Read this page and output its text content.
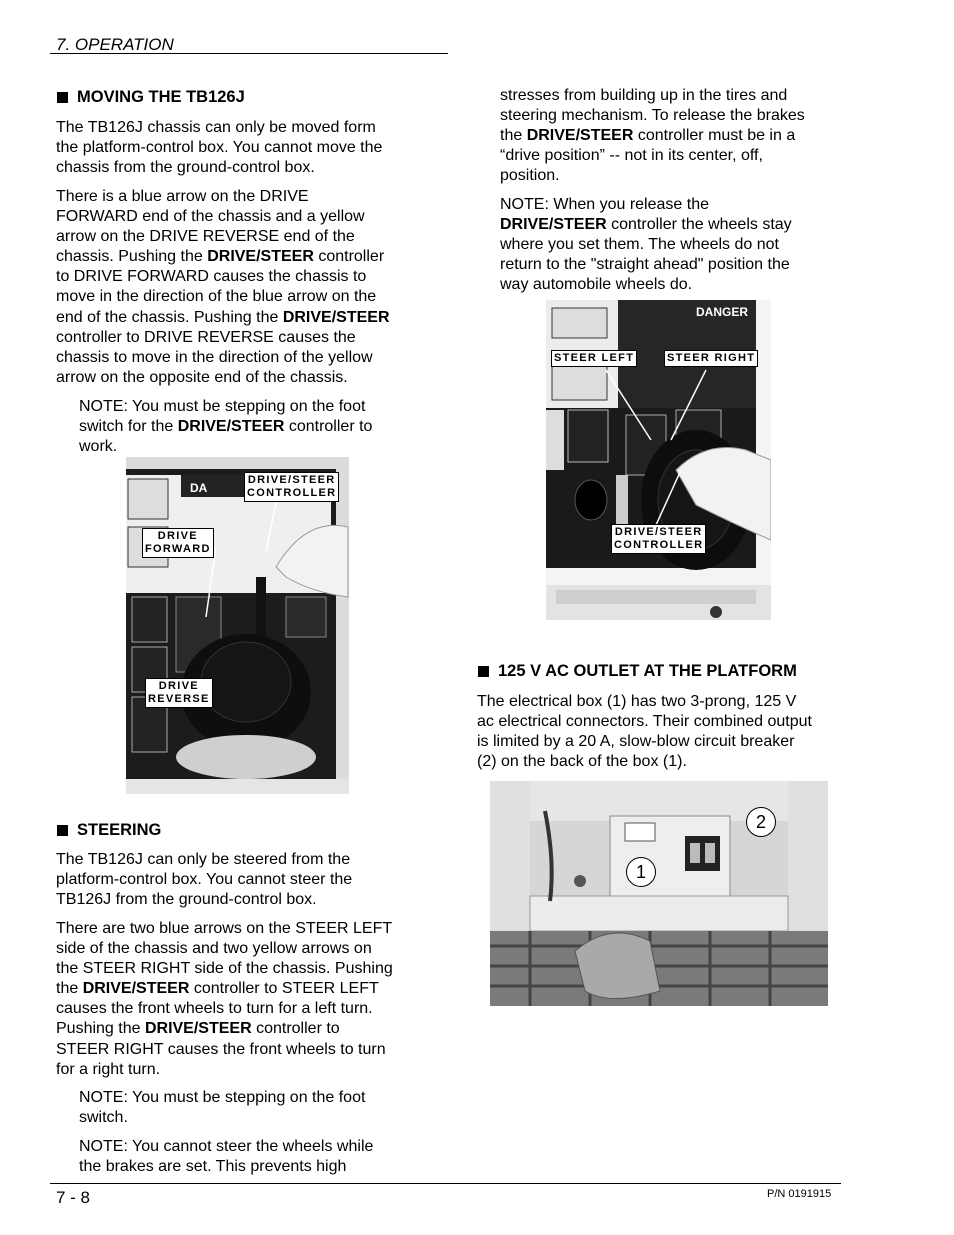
7. OPERATION
7 - 8	P/N 0191915
MOVING THE TB126J
The TB126J chassis can only be moved form
the platform-control box. You cannot move the
chassis from the ground-control box.
There is a blue arrow on the DRIVE
FORWARD end of the chassis and a yellow
arrow on the DRIVE REVERSE end of the
chassis. Pushing the DRIVE/STEER controller
to DRIVE FORWARD causes the chassis to
move in the direction of the blue arrow on the
end of the chassis. Pushing the DRIVE/STEER
controller to DRIVE REVERSE causes the
chassis to move in the direction of the yellow
arrow on the opposite end of the chassis.
NOTE: You must be stepping on the foot
switch for the DRIVE/STEER controller to
work.
DA
DRIVE/STEER
CONTROLLER
DRIVE
FORWARD
DRIVE
REVERSE
STEERING
The TB126J can only be steered from the
platform-control box. You cannot steer the
TB126J from the ground-control box.
There are two blue arrows on the STEER LEFT
side of the chassis and two yellow arrows on
the STEER RIGHT side of the chassis. Pushing
the DRIVE/STEER controller to STEER LEFT
causes the front wheels to turn for a left turn.
Pushing the DRIVE/STEER controller to
STEER RIGHT causes the front wheels to turn
for a right turn.
NOTE: You must be stepping on the foot
switch.
NOTE: You cannot steer the wheels while
the brakes are set. This prevents high
stresses from building up in the tires and
steering mechanism. To release the brakes
the DRIVE/STEER controller must be in a
“drive position” -- not in its center, off,
position.
NOTE: When you release the
DRIVE/STEER controller the wheels stay
where you set them. The wheels do not
return to the "straight ahead" position the
way automobile wheels do.
DANGER
STEER LEFT	STEER RIGHT
DRIVE/STEER
CONTROLLER
125 V AC OUTLET AT THE PLATFORM
The electrical box (1) has two 3-prong, 125 V
ac electrical connectors. Their combined output
is limited by a 20 A, slow-blow circuit breaker
(2) on the back of the box (1).
2
1
